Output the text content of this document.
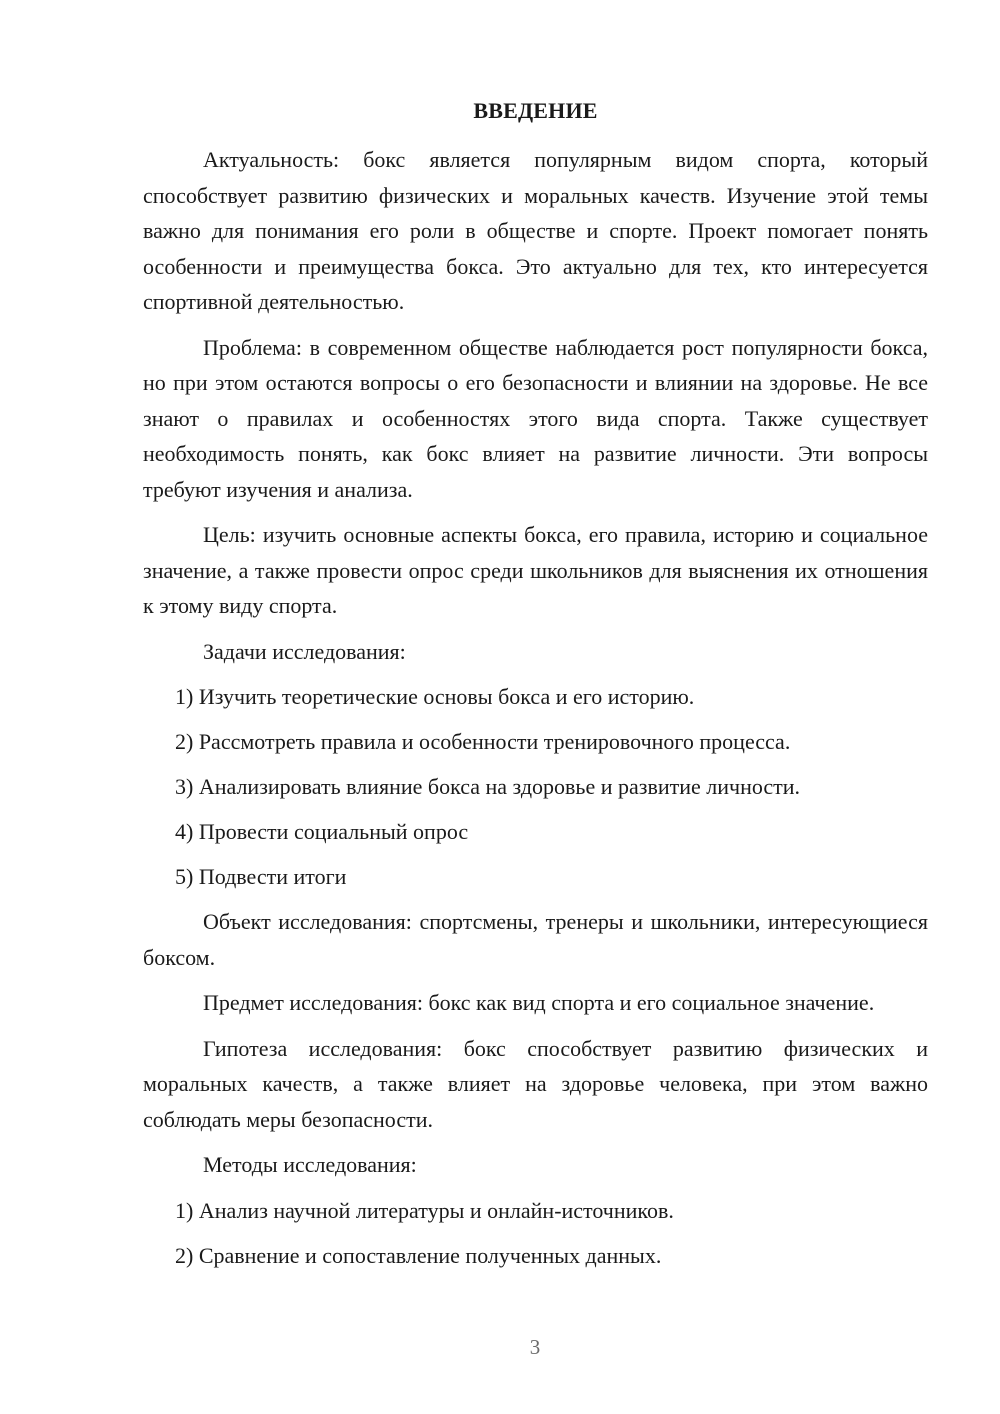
ВВЕДЕНИЕ

Актуальность: бокс является популярным видом спорта, который способствует развитию физических и моральных качеств. Изучение этой темы важно для понимания его роли в обществе и спорте. Проект помогает понять особенности и преимущества бокса. Это актуально для тех, кто интересуется спортивной деятельностью.

Проблема: в современном обществе наблюдается рост популярности бокса, но при этом остаются вопросы о его безопасности и влиянии на здоровье. Не все знают о правилах и особенностях этого вида спорта. Также существует необходимость понять, как бокс влияет на развитие личности. Эти вопросы требуют изучения и анализа.

Цель: изучить основные аспекты бокса, его правила, историю и социальное значение, а также провести опрос среди школьников для выяснения их отношения к этому виду спорта.

Задачи исследования:

1) Изучить теоретические основы бокса и его историю.
2) Рассмотреть правила и особенности тренировочного процесса.
3) Анализировать влияние бокса на здоровье и развитие личности.
4) Провести социальный опрос
5) Подвести итоги

Объект исследования: спортсмены, тренеры и школьники, интересующиеся боксом.

Предмет исследования: бокс как вид спорта и его социальное значение.

Гипотеза исследования: бокс способствует развитию физических и моральных качеств, а также влияет на здоровье человека, при этом важно соблюдать меры безопасности.

Методы исследования:

1) Анализ научной литературы и онлайн-источников.
2) Сравнение и сопоставление полученных данных.
3
